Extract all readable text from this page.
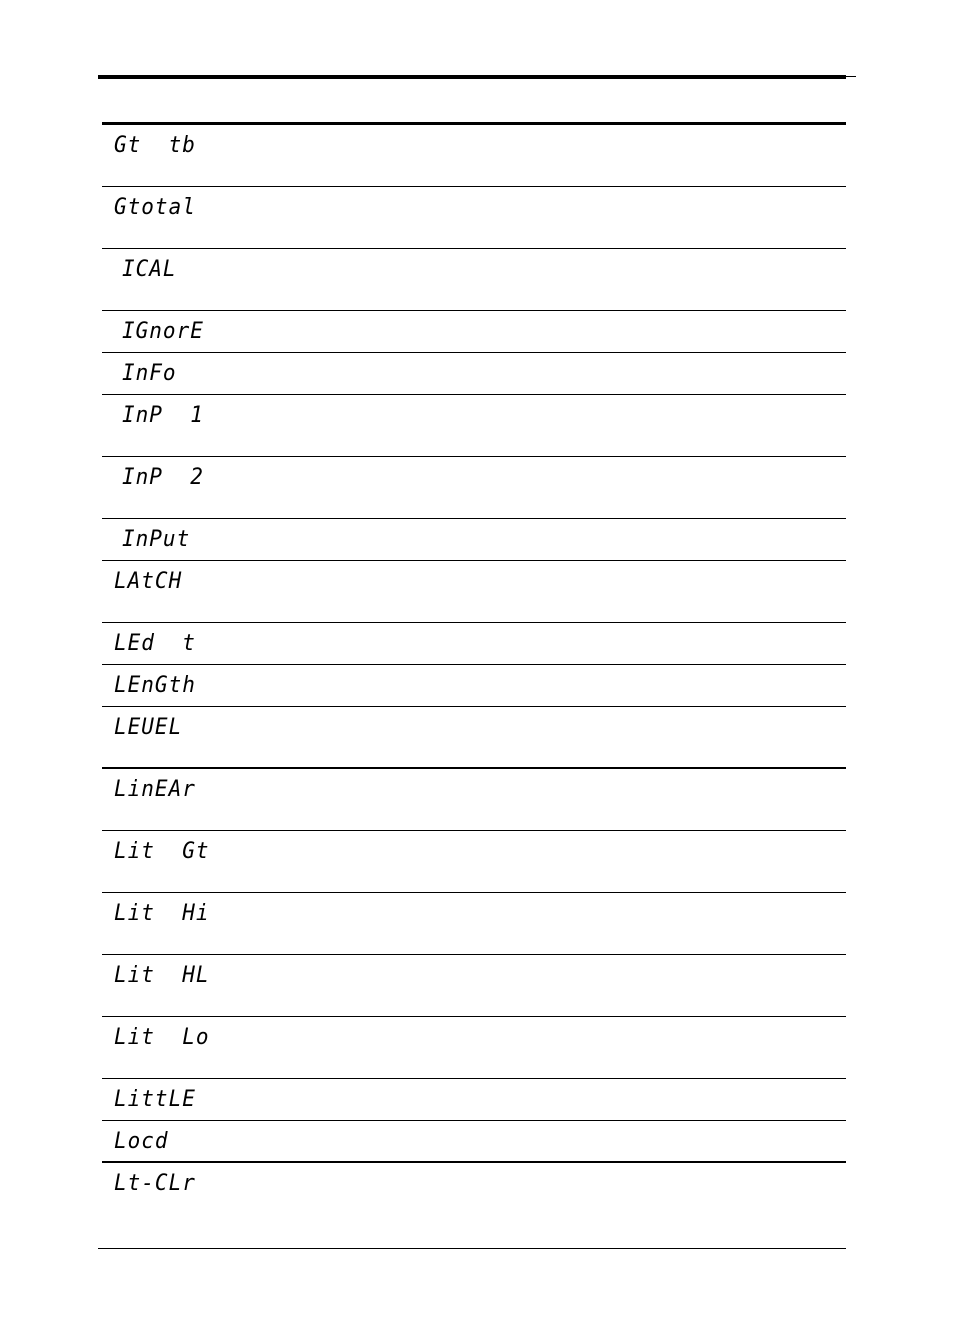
Gt  tb
Gtotal
ICAL
IGnorE
InFo
InP  1
InP  2
InPut
LAtCH
LEd  t
LEnGth
LEUEL
LinEAr
Lit  Gt
Lit  Hi
Lit  HL
Lit  Lo
LittLE
Locd
Lt-CLr
